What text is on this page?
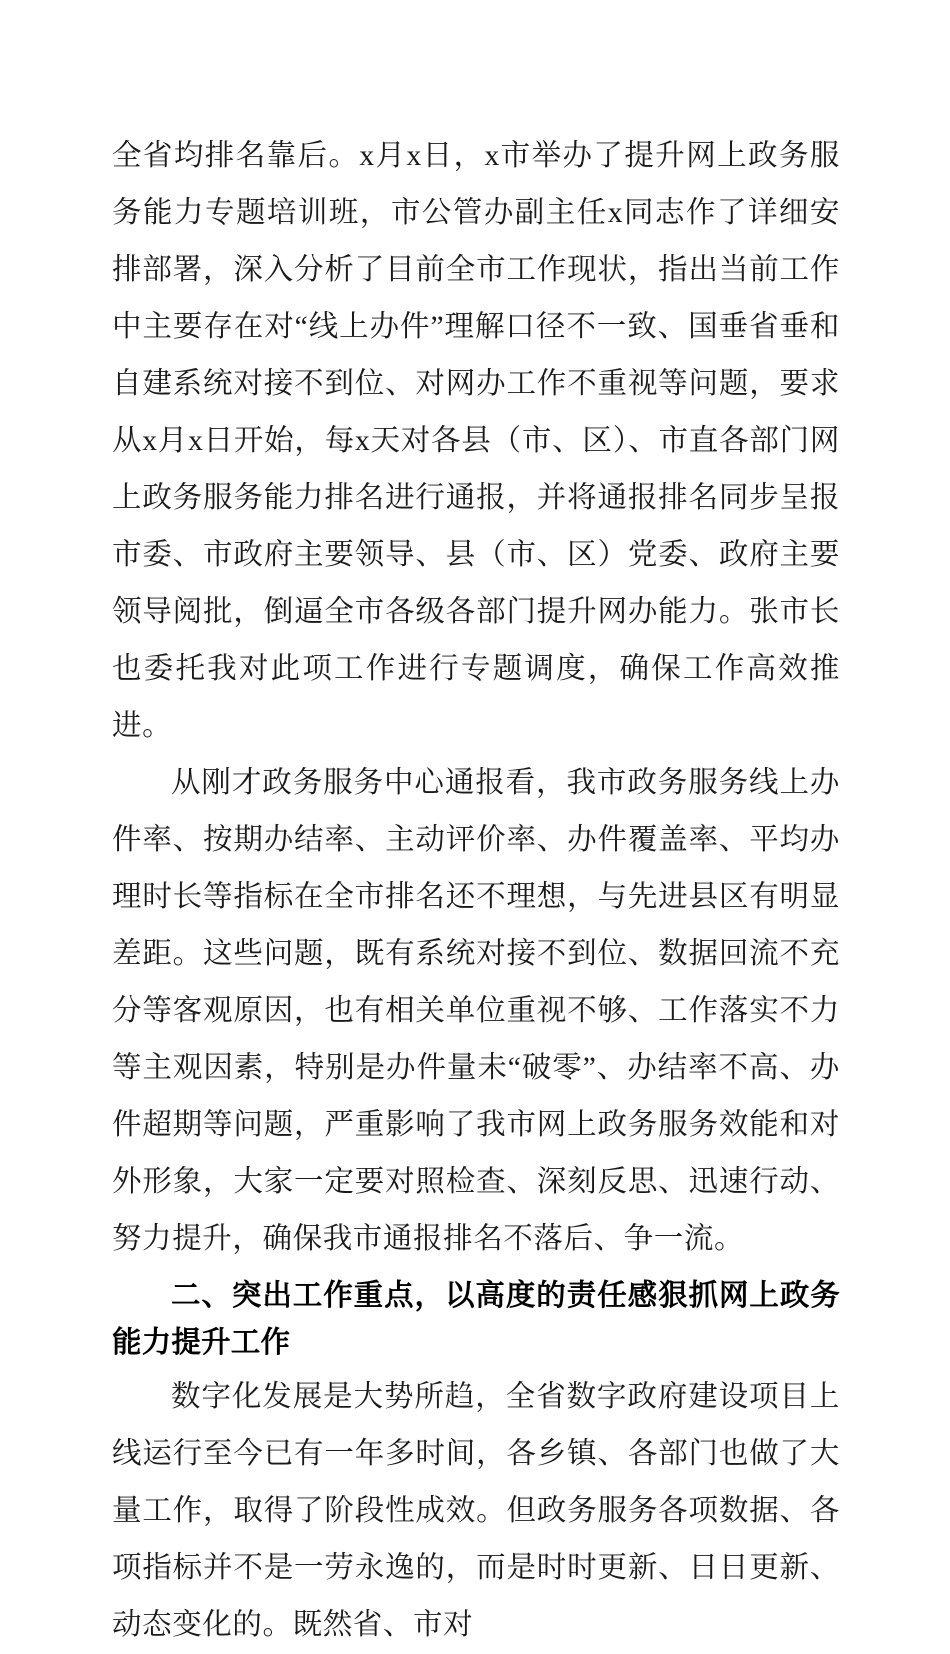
全省均排名靠后。x月x日，x市举办了提升网上政务服务能力专题培训班，市公管办副主任x同志作了详细安排部署，深入分析了目前全市工作现状，指出当前工作中主要存在对“线上办件”理解口径不一致、国垂省垂和自建系统对接不到位、对网办工作不重视等问题，要求从x月x日开始，每x天对各县（市、区）、市直各部门网上政务服务能力排名进行通报，并将通报排名同步呈报市委、市政府主要领导、县（市、区）党委、政府主要领导阅批，倒逼全市各级各部门提升网办能力。张市长也委托我对此项工作进行专题调度，确保工作高效推进。

从刚才政务服务中心通报看，我市政务服务线上办件率、按期办结率、主动评价率、办件覆盖率、平均办理时长等指标在全市排名还不理想，与先进县区有明显差距。这些问题，既有系统对接不到位、数据回流不充分等客观原因，也有相关单位重视不够、工作落实不力等主观因素，特别是办件量未“破零”、办结率不高、办件超期等问题，严重影响了我市网上政务服务效能和对外形象，大家一定要对照检查、深刻反思、迅速行动、努力提升，确保我市通报排名不落后、争一流。

二、突出工作重点，以高度的责任感狠抓网上政务能力提升工作

数字化发展是大势所趋，全省数字政府建设项目上线运行至今已有一年多时间，各乡镇、各部门也做了大量工作，取得了阶段性成效。但政务服务各项数据、各项指标并不是一劳永逸的，而是时时更新、日日更新、动态变化的。既然省、市对
